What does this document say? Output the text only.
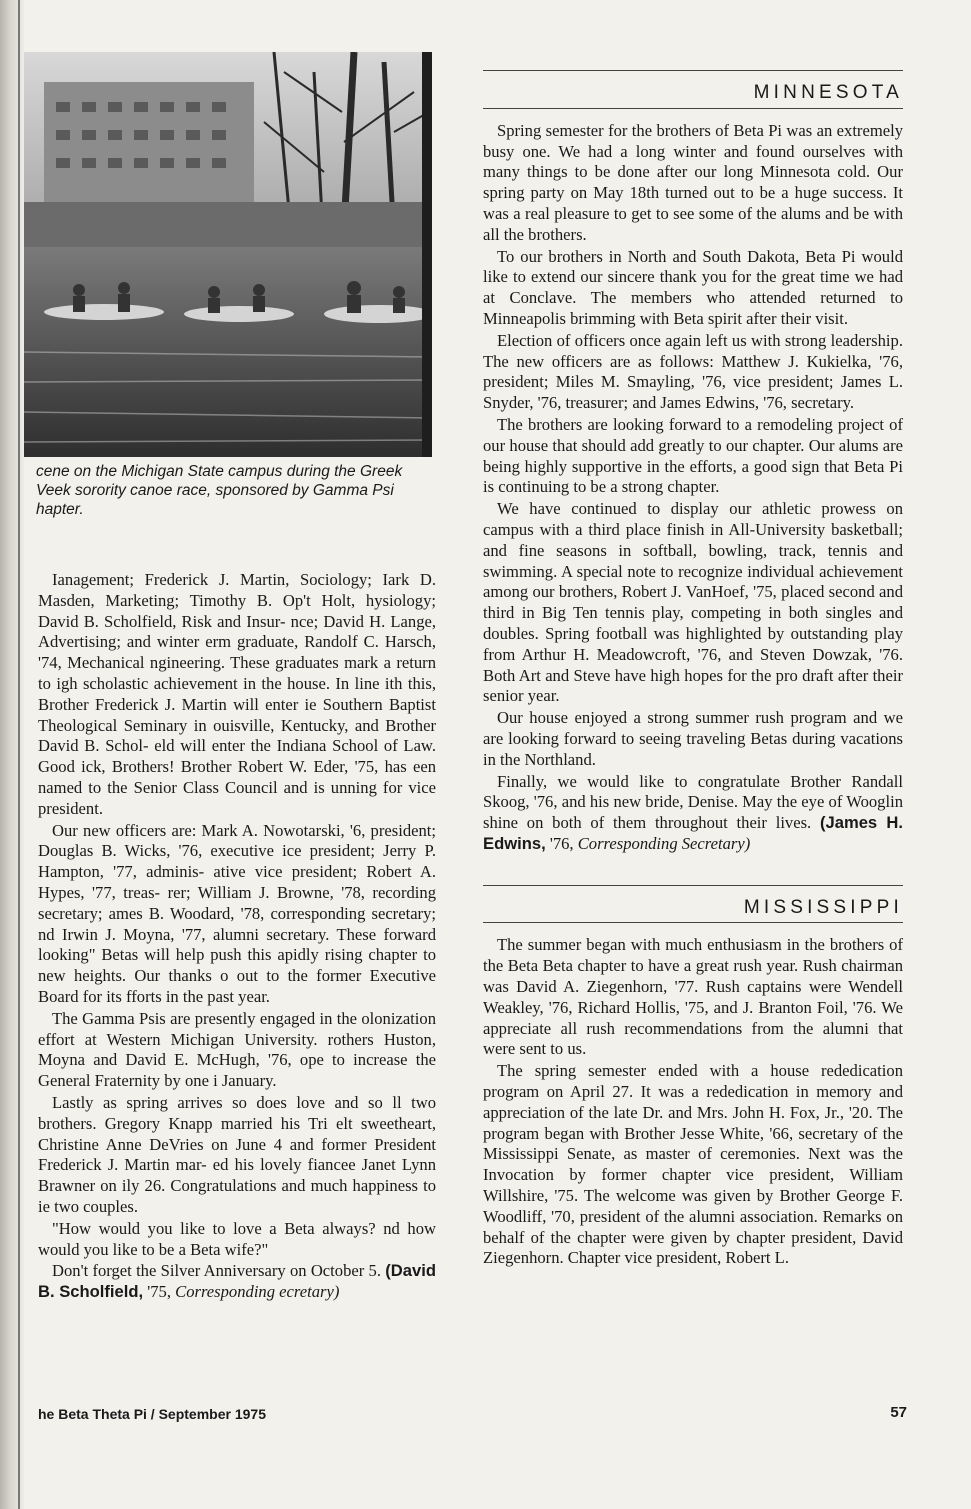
cene on the Michigan State campus during the Greek Veek sorority canoe race, sponsored by Gamma Psi hapter.

Ianagement; Frederick J. Martin, Sociology; Iark D. Masden, Marketing; Timothy B. Op't Holt, hysiology; David B. Scholfield, Risk and Insur- nce; David H. Lange, Advertising; and winter erm graduate, Randolf C. Harsch, '74, Mechanical ngineering. These graduates mark a return to igh scholastic achievement in the house. In line ith this, Brother Frederick J. Martin will enter ie Southern Baptist Theological Seminary in ouisville, Kentucky, and Brother David B. Schol- eld will enter the Indiana School of Law. Good ick, Brothers! Brother Robert W. Eder, '75, has een named to the Senior Class Council and is unning for vice president.

Our new officers are: Mark A. Nowotarski, '6, president; Douglas B. Wicks, '76, executive ice president; Jerry P. Hampton, '77, adminis- ative vice president; Robert A. Hypes, '77, treas- rer; William J. Browne, '78, recording secretary; ames B. Woodard, '78, corresponding secretary; nd Irwin J. Moyna, '77, alumni secretary. These forward looking" Betas will help push this apidly rising chapter to new heights. Our thanks o out to the former Executive Board for its fforts in the past year.

The Gamma Psis are presently engaged in the olonization effort at Western Michigan University. rothers Huston, Moyna and David E. McHugh, '76, ope to increase the General Fraternity by one i January.

Lastly as spring arrives so does love and so ll two brothers. Gregory Knapp married his Tri elt sweetheart, Christine Anne DeVries on June 4 and former President Frederick J. Martin mar- ed his lovely fiancee Janet Lynn Brawner on ily 26. Congratulations and much happiness to ie two couples.

"How would you like to love a Beta always? nd how would you like to be a Beta wife?"

Don't forget the Silver Anniversary on October 5. (David B. Scholfield, '75, Corresponding ecretary)

MINNESOTA

Spring semester for the brothers of Beta Pi was an extremely busy one. We had a long winter and found ourselves with many things to be done after our long Minnesota cold. Our spring party on May 18th turned out to be a huge success. It was a real pleasure to get to see some of the alums and be with all the brothers.

To our brothers in North and South Dakota, Beta Pi would like to extend our sincere thank you for the great time we had at Conclave. The members who attended returned to Minneapolis brimming with Beta spirit after their visit.

Election of officers once again left us with strong leadership. The new officers are as follows: Matthew J. Kukielka, '76, president; Miles M. Smayling, '76, vice president; James L. Snyder, '76, treasurer; and James Edwins, '76, secretary.

The brothers are looking forward to a remodeling project of our house that should add greatly to our chapter. Our alums are being highly supportive in the efforts, a good sign that Beta Pi is continuing to be a strong chapter.

We have continued to display our athletic prowess on campus with a third place finish in All-University basketball; and fine seasons in softball, bowling, track, tennis and swimming. A special note to recognize individual achievement among our brothers, Robert J. VanHoef, '75, placed second and third in Big Ten tennis play, competing in both singles and doubles. Spring football was highlighted by outstanding play from Arthur H. Meadowcroft, '76, and Steven Dowzak, '76. Both Art and Steve have high hopes for the pro draft after their senior year.

Our house enjoyed a strong summer rush program and we are looking forward to seeing traveling Betas during vacations in the Northland.

Finally, we would like to congratulate Brother Randall Skoog, '76, and his new bride, Denise. May the eye of Wooglin shine on both of them throughout their lives. (James H. Edwins, '76, Corresponding Secretary)

MISSISSIPPI

The summer began with much enthusiasm in the brothers of the Beta Beta chapter to have a great rush year. Rush chairman was David A. Ziegenhorn, '77. Rush captains were Wendell Weakley, '76, Richard Hollis, '75, and J. Branton Foil, '76. We appreciate all rush recommendations from the alumni that were sent to us.

The spring semester ended with a house rededication program on April 27. It was a rededication in memory and appreciation of the late Dr. and Mrs. John H. Fox, Jr., '20. The program began with Brother Jesse White, '66, secretary of the Mississippi Senate, as master of ceremonies. Next was the Invocation by former chapter vice president, William Willshire, '75. The welcome was given by Brother George F. Woodliff, '70, president of the alumni association. Remarks on behalf of the chapter were given by chapter president, David Ziegenhorn. Chapter vice president, Robert L.

he Beta Theta Pi / September 1975	57
